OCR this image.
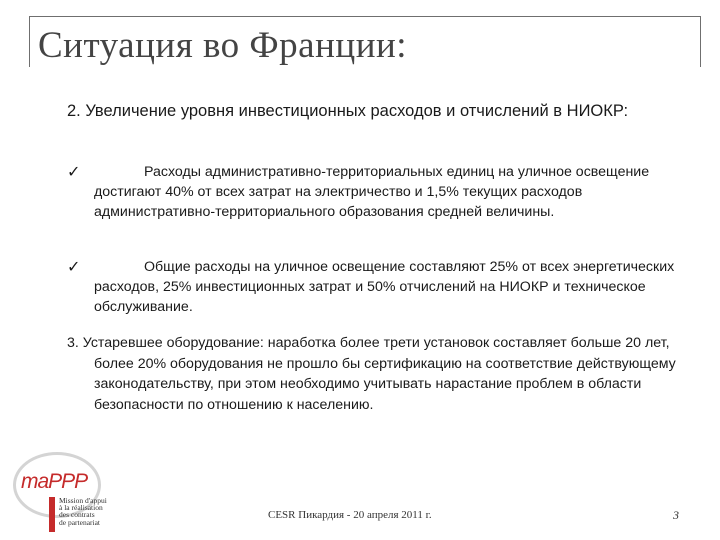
Ситуация во Франции:

2. Увеличение уровня инвестиционных расходов и отчислений в НИОКР:

✓	Расходы административно-территориальных единиц на уличное освещение достигают 40% от всех затрат на электричество и 1,5% текущих расходов административно-территориального образования средней величины.

✓	Общие расходы на уличное освещение составляют 25% от всех энергетических расходов, 25% инвестиционных затрат и 50% отчислений на НИОКР и техническое обслуживание.

3. Устаревшее оборудование: наработка более трети установок составляет больше 20 лет, более 20% оборудования не прошло бы сертификацию на соответствие действующему законодательству, при этом необходимо учитывать нарастание проблем в области безопасности по отношению к населению.

maPPP
Mission d'appui
à la réalisation
des contrats
de partenariat
CESR Пикардия - 20 апреля 2011 г.	3
